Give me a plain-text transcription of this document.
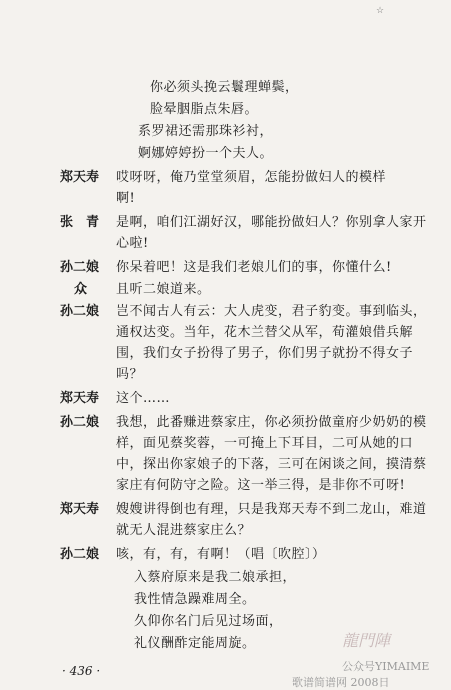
☆
你必须头挽云鬟理蝉鬓，
脸晕胭脂点朱唇。
系罗裙还需那珠衫衬，
婀娜婷婷扮一个夫人。
郑天寿 哎呀呀，俺乃堂堂须眉，怎能扮做妇人的模样
啊!
张　青 是啊，咱们江湖好汉，哪能扮做妇人？你别拿人家开
心啦!
孙二娘 你呆着吧！这是我们老娘儿们的事，你懂什么!
众 且听二娘道来。
孙二娘 岂不闻古人有云：大人虎变，君子豹变。事到临头，
通权达变。当年，花木兰替父从军，荀灌娘借兵解
围，我们女子扮得了男子，你们男子就扮不得女子
吗？
郑天寿 这个……
孙二娘 我想，此番赚进蔡家庄，你必须扮做童府少奶奶的模
样，面见蔡奖蓉，一可掩上下耳目，二可从她的口
中，探出你家娘子的下落，三可在闲谈之间，摸清蔡
家庄有何防守之险。这一举三得，是非你不可呀!
郑天寿 嫂嫂讲得倒也有理，只是我郑天寿不到二龙山，难道
就无人混进蔡家庄么？
孙二娘 咳，有，有，有啊！（唱〔吹腔〕）
入蔡府原来是我二娘承担，
我性情急躁难周全。
久仰你名门后见过场面，
礼仪酬酢定能周旋。
· 436 ·
龍門陣
公众号YIMAIME
歌谱简谱网 2008日
